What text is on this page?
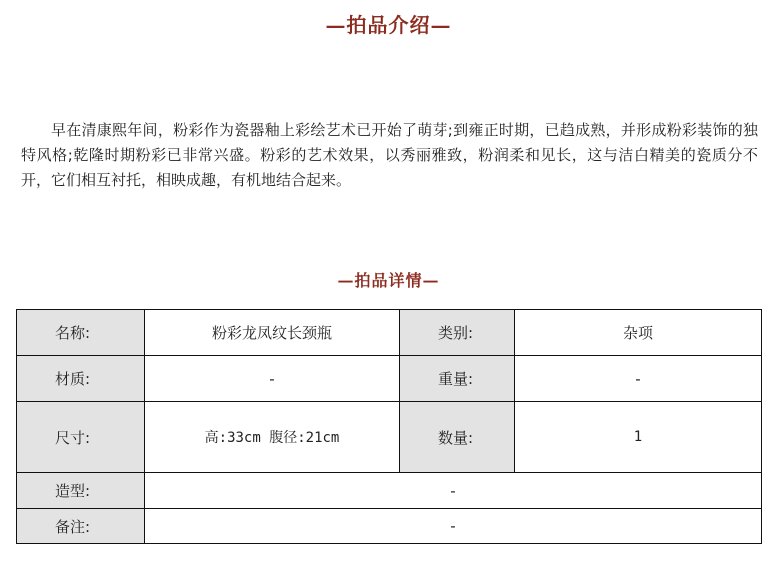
—拍品介绍—

早在清康熙年间，粉彩作为瓷器釉上彩绘艺术已开始了萌芽;到雍正时期，已趋成熟，并形成粉彩装饰的独特风格;乾隆时期粉彩已非常兴盛。粉彩的艺术效果，以秀丽雅致，粉润柔和见长，这与洁白精美的瓷质分不开，它们相互衬托，相映成趣，有机地结合起来。

—拍品详情—
名称:	粉彩龙凤纹长颈瓶	类别:	杂项
材质:	-	重量:	-
尺寸:	高:33cm 腹径:21cm	数量:	1
造型:	-		
备注:	-		
